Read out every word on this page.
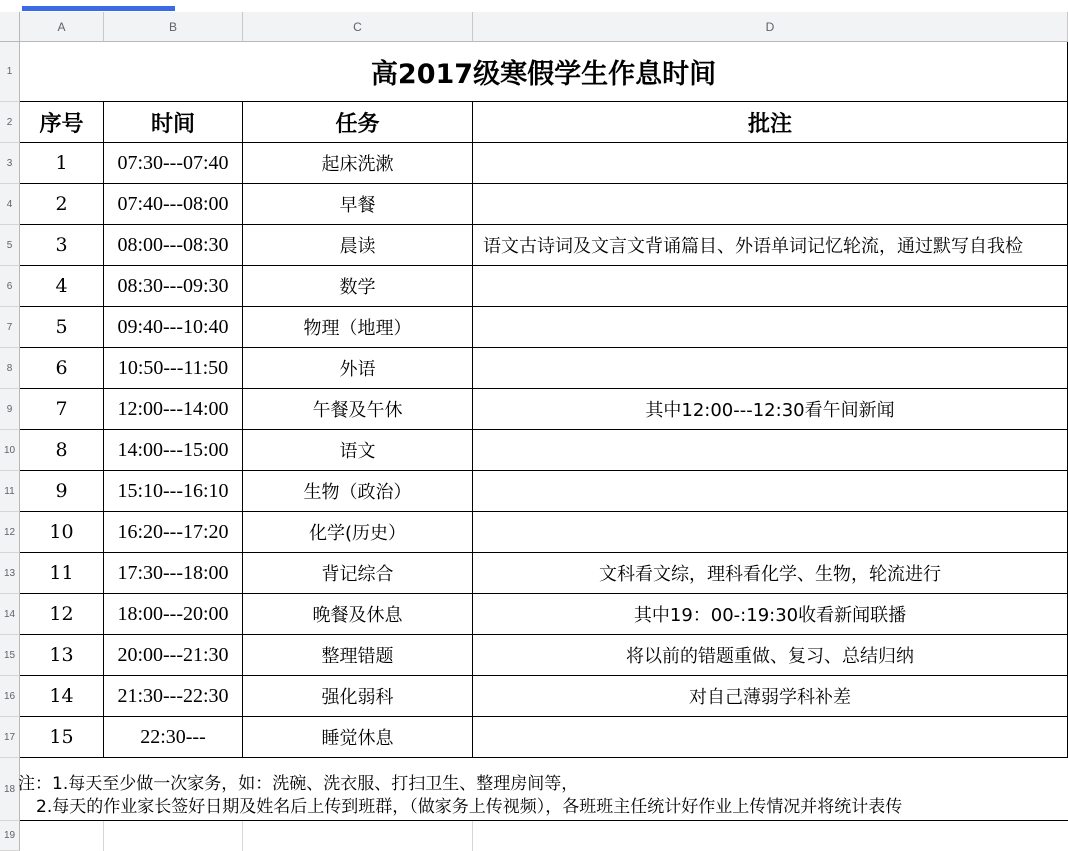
A	B	C	D
1
2
3
4
5
6
7
8
9
10
11
12
13
14
15
16
17
18
19
高2017级寒假学生作息时间
序号	时间	任务	批注
1	07:30---07:40	起床洗漱
2	07:40---08:00	早餐
3	08:00---08:30	晨读	语文古诗词及文言文背诵篇目、外语单词记忆轮流，通过默写自我检
4	08:30---09:30	数学
5	09:40---10:40	物理（地理）
6	10:50---11:50	外语
7	12:00---14:00	午餐及午休	其中12:00---12:30看午间新闻
8	14:00---15:00	语文
9	15:10---16:10	生物（政治）
10	16:20---17:20	化学(历史）
11	17:30---18:00	背记综合	文科看文综，理科看化学、生物，轮流进行
12	18:00---20:00	晚餐及休息	其中19：00-:19:30收看新闻联播
13	20:00---21:30	整理错题	将以前的错题重做、复习、总结归纳
14	21:30---22:30	强化弱科	对自己薄弱学科补差
15	22:30---	睡觉休息
注：1.每天至少做一次家务，如：洗碗、洗衣服、打扫卫生、整理房间等，
2.每天的作业家长签好日期及姓名后上传到班群，（做家务上传视频），各班班主任统计好作业上传情况并将统计表传
